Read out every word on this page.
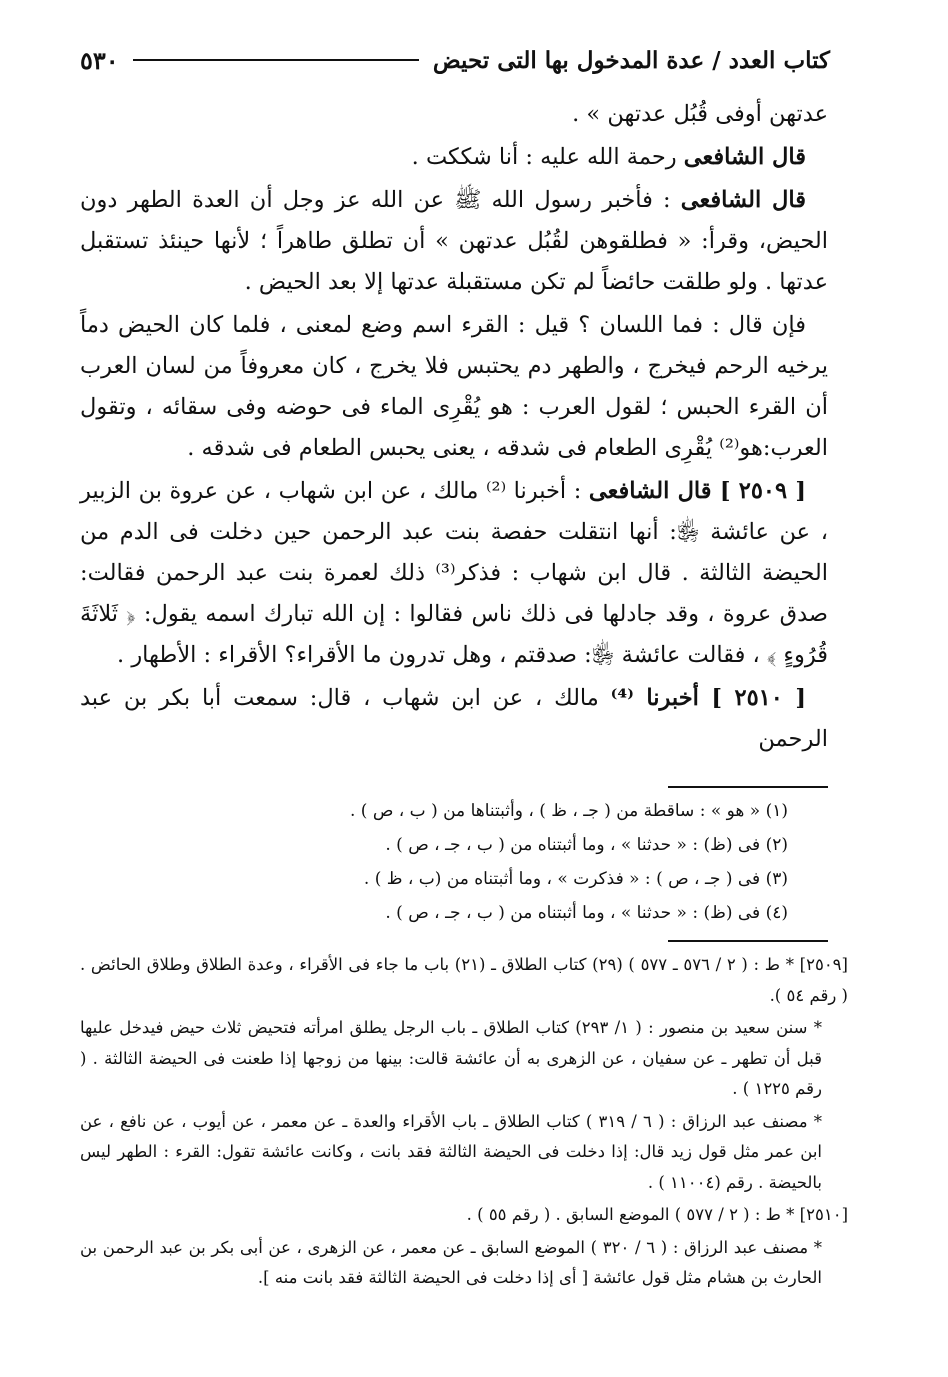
كتاب العدد / عدة المدخول بها التى تحيض
٥٣٠

عدتهن أوفى قُبُل عدتهن » .

قال الشافعى رحمة الله عليه : أنا شككت .

قال الشافعى : فأخبر رسول الله ﷺ عن الله عز وجل أن العدة الطهر دون الحيض، وقرأ: « فطلقوهن لقُبُل عدتهن » أن تطلق طاهراً ؛ لأنها حينئذ تستقبل عدتها . ولو طلقت حائضاً لم تكن مستقبلة عدتها إلا بعد الحيض .

فإن قال : فما اللسان ؟ قيل : القرء اسم وضع لمعنى ، فلما كان الحيض دماً يرخيه الرحم فيخرج ، والطهر دم يحتبس فلا يخرج ، كان معروفاً من لسان العرب أن القرء الحبس ؛ لقول العرب : هو يُقْرِى الماء فى حوضه وفى سقائه ، وتقول العرب:هو⁽²⁾ يُقْرِى الطعام فى شدقه ، يعنى يحبس الطعام فى شدقه .

[ ٢٥٠٩ ] قال الشافعى : أخبرنا ⁽²⁾ مالك ، عن ابن شهاب ، عن عروة بن الزبير ، عن عائشة ﵂: أنها انتقلت حفصة بنت عبد الرحمن حين دخلت فى الدم من الحيضة الثالثة . قال ابن شهاب : فذكر⁽³⁾ ذلك لعمرة بنت عبد الرحمن فقالت: صدق عروة ، وقد جادلها فى ذلك ناس فقالوا : إن الله تبارك اسمه يقول: ﴿ ثَلاثَةَ قُرُوءٍ ﴾ ، فقالت عائشة ﵂: صدقتم ، وهل تدرون ما الأقراء؟ الأقراء : الأطهار .

[ ٢٥١٠ ] أخبرنا ⁽⁴⁾ مالك ، عن ابن شهاب ، قال: سمعت أبا بكر بن عبد الرحمن

(١) « هو » : ساقطة من ( جـ ، ظ ) ، وأثبتناها من ( ب ، ص ) .

(٢) فى (ظ) : « حدثنا » ، وما أثبتناه من ( ب ، جـ ، ص ) .

(٣) فى ( جـ ، ص ) : « فذكرت » ، وما أثبتناه من (ب ، ظ ) .

(٤) فى (ظ) : « حدثنا » ، وما أثبتناه من ( ب ، جـ ، ص ) .

[٢٥٠٩] * ط : ( ٢ / ٥٧٦ ـ ٥٧٧ ) (٢٩) كتاب الطلاق ـ (٢١) باب ما جاء فى الأقراء ، وعدة الطلاق وطلاق الحائض . ( رقم ٥٤ ).

* سنن سعيد بن منصور : ( ١/ ٢٩٣) كتاب الطلاق ـ باب الرجل يطلق امرأته فتحيض ثلاث حيض فيدخل عليها قبل أن تطهر ـ عن سفيان ، عن الزهرى به أن عائشة قالت: بينها من زوجها إذا طعنت فى الحيضة الثالثة . ( رقم ١٢٢٥ ) .

* مصنف عبد الرزاق : ( ٦ / ٣١٩ ) كتاب الطلاق ـ باب الأقراء والعدة ـ عن معمر ، عن أيوب ، عن نافع ، عن ابن عمر مثل قول زيد قال: إذا دخلت فى الحيضة الثالثة فقد بانت ، وكانت عائشة تقول: القرء : الطهر ليس بالحيضة . رقم (١١٠٠٤ ) .

[٢٥١٠] * ط : ( ٢ / ٥٧٧ ) الموضع السابق . ( رقم ٥٥ ) .

* مصنف عبد الرزاق : ( ٦ / ٣٢٠ ) الموضع السابق ـ عن معمر ، عن الزهرى ، عن أبى بكر بن عبد الرحمن بن الحارث بن هشام مثل قول عائشة [ أى إذا دخلت فى الحيضة الثالثة فقد بانت منه ].
